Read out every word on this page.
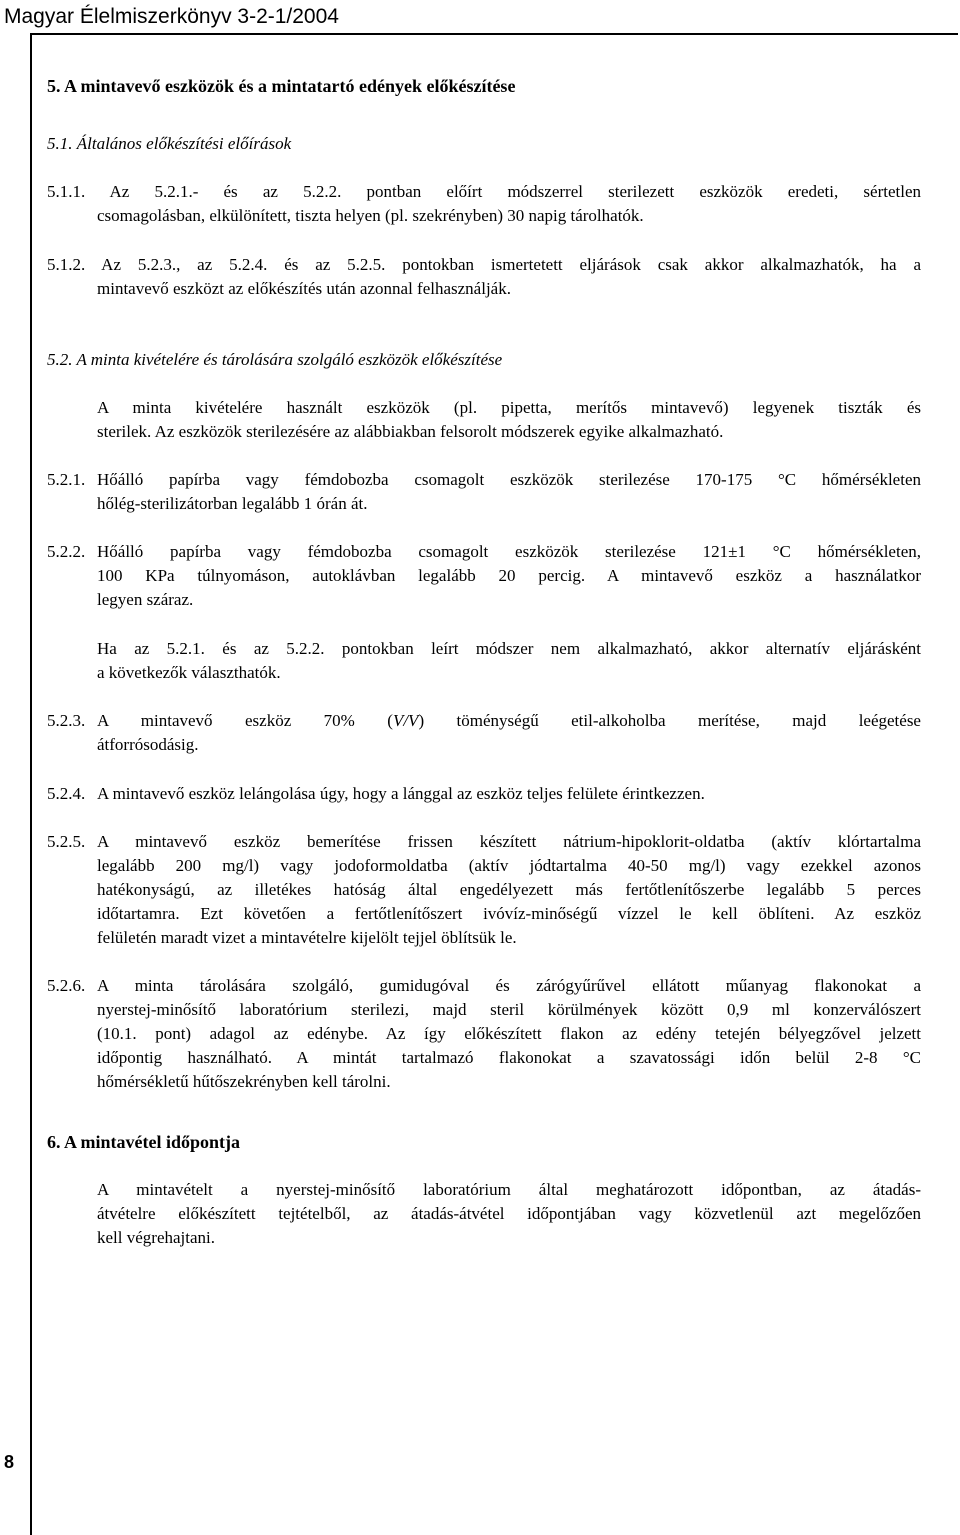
Magyar Élelmiszerkönyv 3-2-1/2004
5. A mintavevő eszközök és a mintatartó edények előkészítése
5.1. Általános előkészítési előírások
5.1.1. Az 5.2.1.- és az 5.2.2. pontban előírt módszerrel sterilezett eszközök eredeti, sértetlen
csomagolásban, elkülönített, tiszta helyen (pl. szekrényben) 30 napig tárolhatók.
5.1.2. Az 5.2.3., az 5.2.4. és az 5.2.5. pontokban ismertetett eljárások csak akkor alkalmazhatók, ha a
mintavevő eszközt az előkészítés után azonnal felhasználják.
5.2. A minta kivételére és tárolására szolgáló eszközök előkészítése
A minta kivételére használt eszközök (pl. pipetta, merítős mintavevő) legyenek tiszták és
sterilek. Az eszközök sterilezésére az alábbiakban felsorolt módszerek egyike alkalmazható.
5.2.1. Hőálló papírba vagy fémdobozba csomagolt eszközök sterilezése 170-175 °C hőmérsékleten
hőlég-sterilizátorban legalább 1 órán át.
5.2.2. Hőálló papírba vagy fémdobozba csomagolt eszközök sterilezése 121±1 °C hőmérsékleten,
100 KPa túlnyomáson, autoklávban legalább 20 percig. A mintavevő eszköz a használatkor
legyen száraz.
Ha az 5.2.1. és az 5.2.2. pontokban leírt módszer nem alkalmazható, akkor alternatív eljárásként
a következők választhatók.
5.2.3. A mintavevő eszköz 70% (V/V) töménységű etil-alkoholba merítése, majd leégetése
átforrósodásig.
5.2.4. A mintavevő eszköz lelángolása úgy, hogy a lánggal az eszköz teljes felülete érintkezzen.
5.2.5. A mintavevő eszköz bemerítése frissen készített nátrium-hipoklorit-oldatba (aktív klórtartalma
legalább 200 mg/l) vagy jodoformoldatba (aktív jódtartalma 40-50 mg/l) vagy ezekkel azonos
hatékonyságú, az illetékes hatóság által engedélyezett más fertőtlenítőszerbe legalább 5 perces
időtartamra. Ezt követően a fertőtlenítőszert ivóvíz-minőségű vízzel le kell öblíteni. Az eszköz
felületén maradt vizet a mintavételre kijelölt tejjel öblítsük le.
5.2.6. A minta tárolására szolgáló, gumidugóval és zárógyűrűvel ellátott műanyag flakonokat a
nyerstej-minősítő laboratórium sterilezi, majd steril körülmények között 0,9 ml konzerválószert
(10.1. pont) adagol az edénybe. Az így előkészített flakon az edény tetején bélyegzővel jelzett
időpontig használható. A mintát tartalmazó flakonokat a szavatossági időn belül 2-8 °C
hőmérsékletű hűtőszekrényben kell tárolni.
6. A mintavétel időpontja
A mintavételt a nyerstej-minősítő laboratórium által meghatározott időpontban, az átadás-
átvételre előkészített tejtételből, az átadás-átvétel időpontjában vagy közvetlenül azt megelőzően
kell végrehajtani.
8
